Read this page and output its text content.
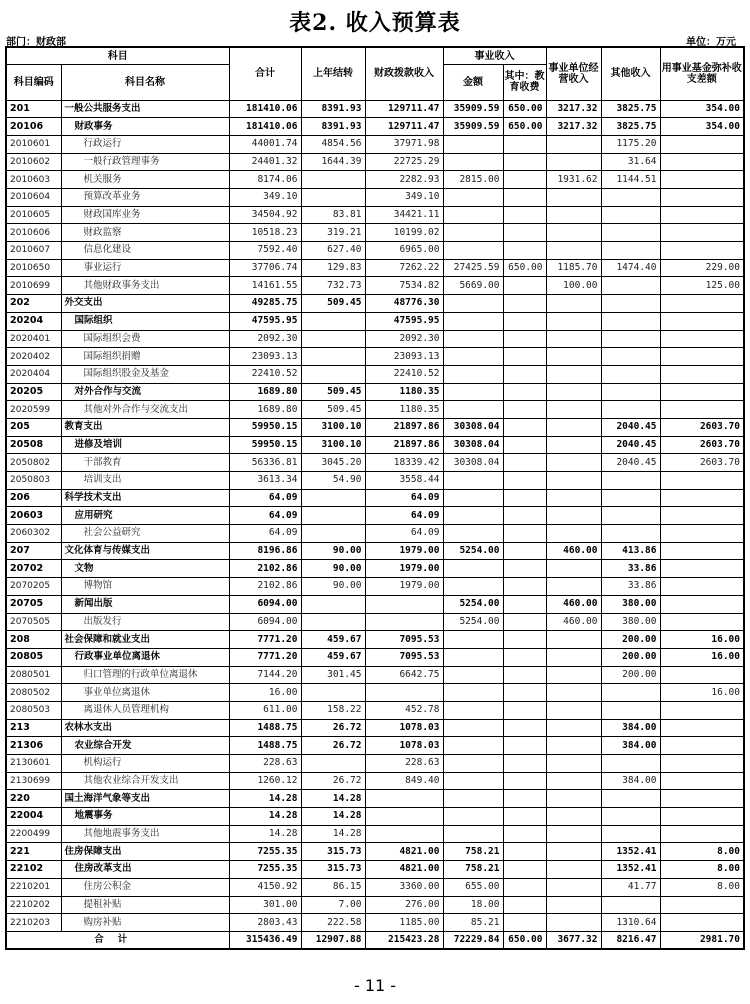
表2. 收入预算表
部门：财政部	单位：万元
科目		合计	上年结转	财政拨款收入	事业收入		事业单位经营收入	其他收入	用事业基金弥补收支差额
科目编码	科目名称				金额	其中：教育收费			

201	一般公共服务支出	181410.06	8391.93	129711.47	35909.59	650.00	3217.32	3825.75	354.00
20106	财政事务	181410.06	8391.93	129711.47	35909.59	650.00	3217.32	3825.75	354.00
2010601	行政运行	44001.74	4854.56	37971.98				1175.20	
2010602	一般行政管理事务	24401.32	1644.39	22725.29				31.64	
2010603	机关服务	8174.06		2282.93	2815.00		1931.62	1144.51	
2010604	预算改革业务	349.10		349.10					
2010605	财政国库业务	34504.92	83.81	34421.11					
2010606	财政监察	10518.23	319.21	10199.02					
2010607	信息化建设	7592.40	627.40	6965.00					
2010650	事业运行	37706.74	129.83	7262.22	27425.59	650.00	1185.70	1474.40	229.00
2010699	其他财政事务支出	14161.55	732.73	7534.82	5669.00		100.00		125.00
202	外交支出	49285.75	509.45	48776.30					
20204	国际组织	47595.95		47595.95					
2020401	国际组织会费	2092.30		2092.30					
2020402	国际组织捐赠	23093.13		23093.13					
2020404	国际组织股金及基金	22410.52		22410.52					
20205	对外合作与交流	1689.80	509.45	1180.35					
2020599	其他对外合作与交流支出	1689.80	509.45	1180.35					
205	教育支出	59950.15	3100.10	21897.86	30308.04			2040.45	2603.70
20508	进修及培训	59950.15	3100.10	21897.86	30308.04			2040.45	2603.70
2050802	干部教育	56336.81	3045.20	18339.42	30308.04			2040.45	2603.70
2050803	培训支出	3613.34	54.90	3558.44					
206	科学技术支出	64.09		64.09					
20603	应用研究	64.09		64.09					
2060302	社会公益研究	64.09		64.09					
207	文化体育与传媒支出	8196.86	90.00	1979.00	5254.00		460.00	413.86	
20702	文物	2102.86	90.00	1979.00				33.86	
2070205	博物馆	2102.86	90.00	1979.00				33.86	
20705	新闻出版	6094.00			5254.00		460.00	380.00	
2070505	出版发行	6094.00			5254.00		460.00	380.00	
208	社会保障和就业支出	7771.20	459.67	7095.53				200.00	16.00
20805	行政事业单位离退休	7771.20	459.67	7095.53				200.00	16.00
2080501	归口管理的行政单位离退休	7144.20	301.45	6642.75				200.00	
2080502	事业单位离退休	16.00							16.00
2080503	离退休人员管理机构	611.00	158.22	452.78					
213	农林水支出	1488.75	26.72	1078.03				384.00	
21306	农业综合开发	1488.75	26.72	1078.03				384.00	
2130601	机构运行	228.63		228.63					
2130699	其他农业综合开发支出	1260.12	26.72	849.40				384.00	
220	国土海洋气象等支出	14.28	14.28						
22004	地震事务	14.28	14.28						
2200499	其他地震事务支出	14.28	14.28						
221	住房保障支出	7255.35	315.73	4821.00	758.21			1352.41	8.00
22102	住房改革支出	7255.35	315.73	4821.00	758.21			1352.41	8.00
2210201	住房公积金	4150.92	86.15	3360.00	655.00			41.77	8.00
2210202	提租补贴	301.00	7.00	276.00	18.00				
2210203	购房补贴	2803.43	222.58	1185.00	85.21			1310.64	
合计		315436.49	12907.88	215423.28	72229.84	650.00	3677.32	8216.47	2981.70
- 11 -
